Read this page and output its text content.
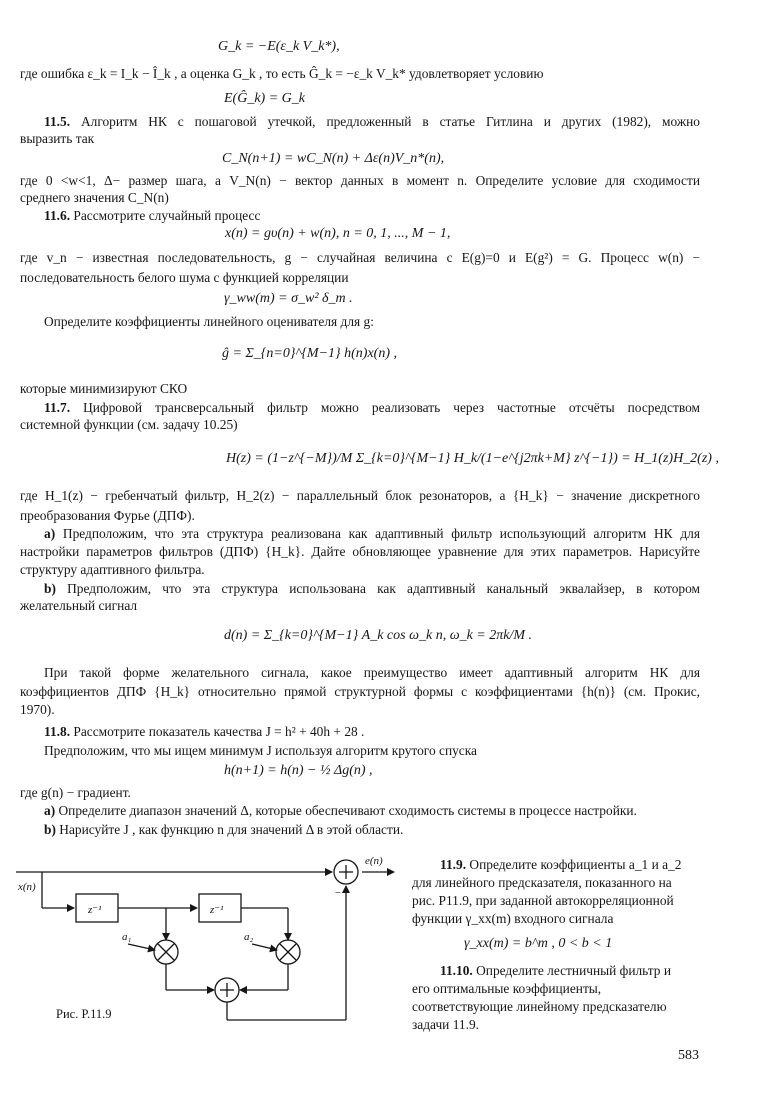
G_k = −E(ε_k V_k*),
где ошибка ε_k = I_k − Î_k , а оценка G_k , то есть Ĝ_k = −ε_k V_k* удовлетворяет условию
E(Ĝ_k) = G_k
11.5. Алгоритм НК с пошаговой утечкой, предложенный в статье Гитлина и других (1982), можно
выразить так
C_N(n+1) = wC_N(n) + Δε(n)V_n*(n),
где 0 <w<1, Δ− размер шага, а V_N(n) − вектор данных в момент n. Определите условие для сходимости
среднего значения C_N(n)
11.6. Рассмотрите случайный процесс
x(n) = gυ(n) + w(n), n = 0, 1, ..., M − 1,
где v_n − известная последовательность, g − случайная величина с E(g)=0 и E(g²) = G. Процесс w(n) −
последовательность белого шума с функцией корреляции
γ_ww(m) = σ_w² δ_m .
Определите коэффициенты линейного оценивателя для g:
ĝ = Σ_{n=0}^{M−1} h(n)x(n) ,
которые минимизируют СКО
11.7. Цифровой трансверсальный фильтр можно реализовать через частотные отсчёты посредством
системной функции (см. задачу 10.25)
H(z) = (1−z^{−M})/M Σ_{k=0}^{M−1} H_k/(1−e^{j2πk+M} z^{−1}) = H_1(z)H_2(z) ,
где H_1(z) − гребенчатый фильтр, H_2(z) − параллельный блок резонаторов, а {H_k} − значение дискретного
преобразования Фурье (ДПФ).
а) Предположим, что эта структура реализована как адаптивный фильтр использующий алгоритм НК для
настройки параметров фильтров (ДПФ) {H_k}. Дайте обновляющее уравнение для этих параметров. Нарисуйте
структуру адаптивного фильтра.
b) Предположим, что эта структура использована как адаптивный канальный эквалайзер, в котором
желательный сигнал
d(n) = Σ_{k=0}^{M−1} A_k cos ω_k n, ω_k = 2πk/M .
При такой форме желательного сигнала, какое преимущество имеет адаптивный алгоритм НК для
коэффициентов ДПФ {H_k} относительно прямой структурной формы с коэффициентами {h(n)} (см. Прокис,
1970).
11.8. Рассмотрите показатель качества J = h² + 40h + 28 .
Предположим, что мы ищем минимум J используя алгоритм крутого спуска
h(n+1) = h(n) − ½ Δg(n) ,
где g(n) − градиент.
а) Определите диапазон значений Δ, которые обеспечивают сходимость системы в процессе настройки.
b) Нарисуйте J , как функцию n для значений Δ в этой области.
x(n)
e(n)
z⁻¹	z⁻¹
a₁	a₂
−
Рис. P.11.9
11.9. Определите коэффициенты a_1 и a_2
для линейного предсказателя, показанного на
рис. P11.9, при заданной автокорреляционной
функции γ_xx(m) входного сигнала
γ_xx(m) = b^m , 0 < b < 1
11.10. Определите лестничный фильтр и
его оптимальные коэффициенты,
соответствующие линейному предсказателю
задачи 11.9.
583
